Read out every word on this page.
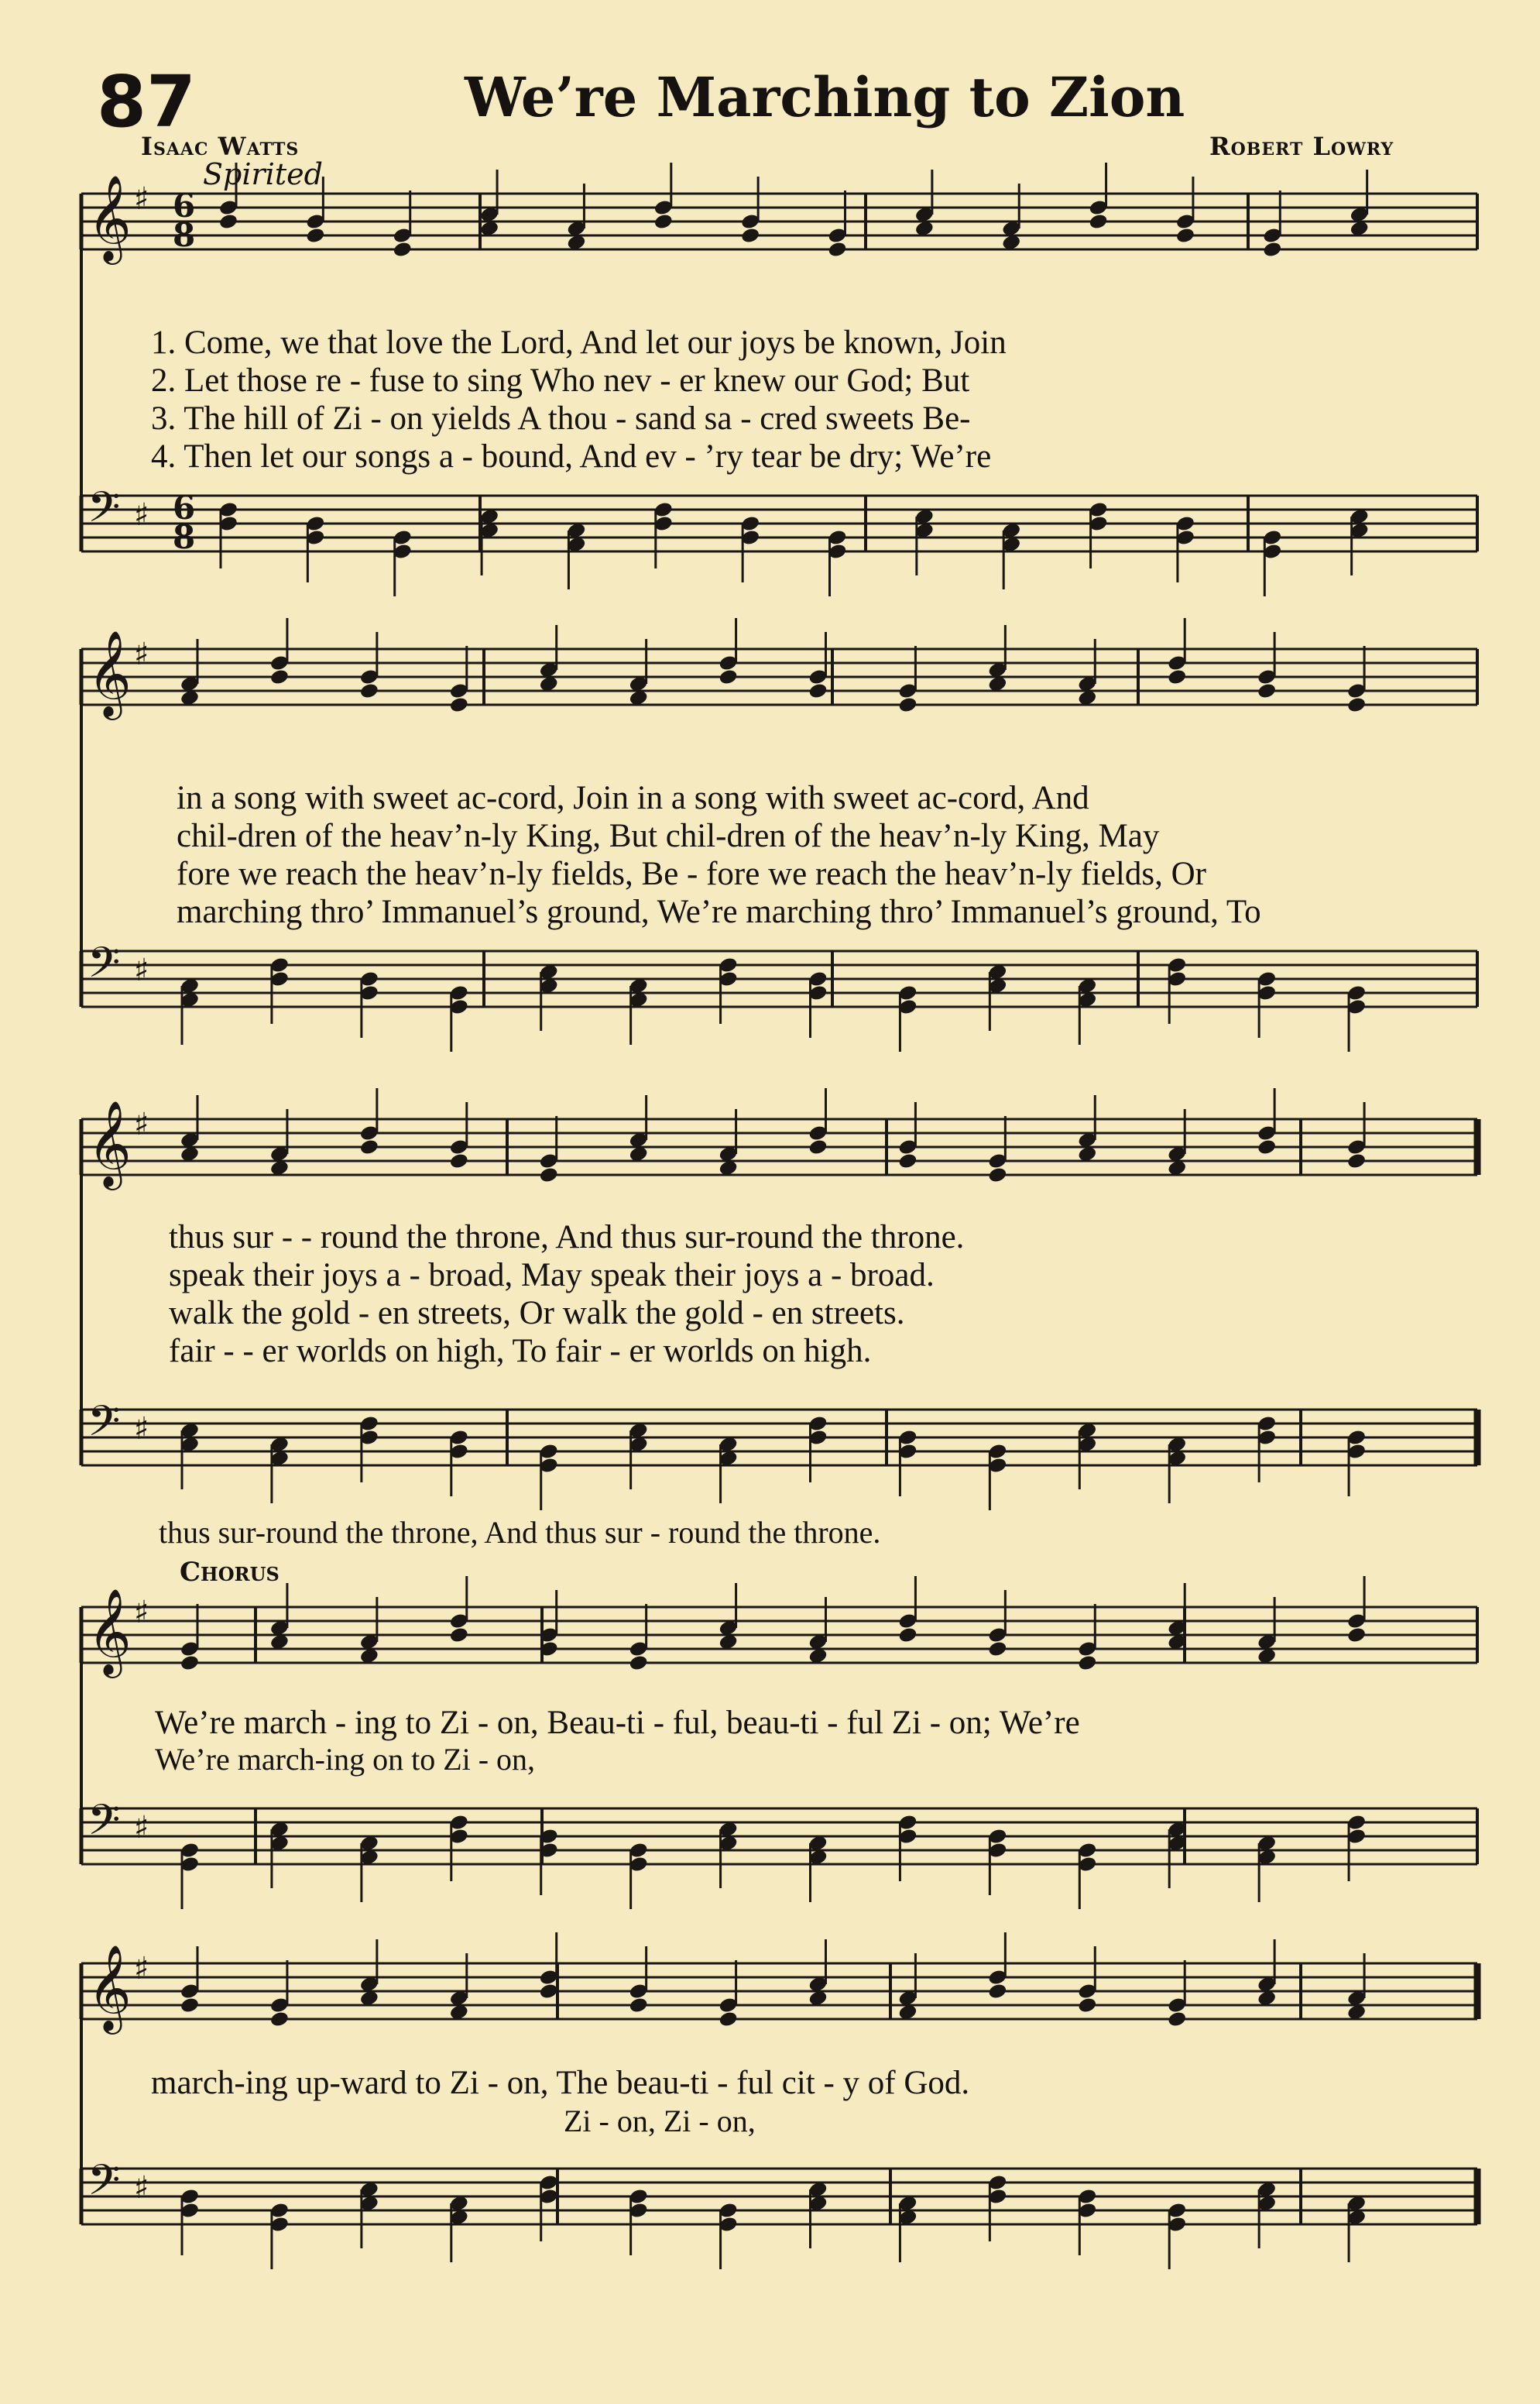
87	We’re Marching to Zion
Isaac Watts	Robert Lowry
Spirited
𝄞 ♯ 6
8
𝄢 ♯ 6
8
𝄞 ♯
𝄢 ♯
𝄞 ♯
𝄢 ♯
𝄞 ♯
𝄢 ♯
𝄞 ♯
𝄢 ♯
1. Come, we that love the Lord, And let our joys be known, Join
2. Let those re - fuse to sing Who nev - er knew our God; But
3. The hill of Zi - on yields A thou - sand sa - cred sweets Be-
4. Then let our songs a - bound, And ev - ’ry tear be dry; We’re
in a song with sweet ac-cord, Join in a song with sweet ac-cord, And
chil-dren of the heav’n-ly King, But chil-dren of the heav’n-ly King, May
fore we reach the heav’n-ly fields, Be - fore we reach the heav’n-ly fields, Or
marching thro’ Immanuel’s ground, We’re marching thro’ Immanuel’s ground, To
thus sur - - round the throne, And thus sur-round the throne.
speak their joys a - broad, May speak their joys a - broad.
walk the gold - en streets, Or walk the gold - en streets.
fair - - er worlds on high, To fair - er worlds on high.
thus sur-round the throne, And thus sur - round the throne.
Chorus
We’re march - ing to Zi - on, Beau-ti - ful, beau-ti - ful Zi - on; We’re
We’re march-ing on to Zi - on,
march-ing up-ward to Zi - on, The beau-ti - ful cit - y of God.
Zi - on, Zi - on,
